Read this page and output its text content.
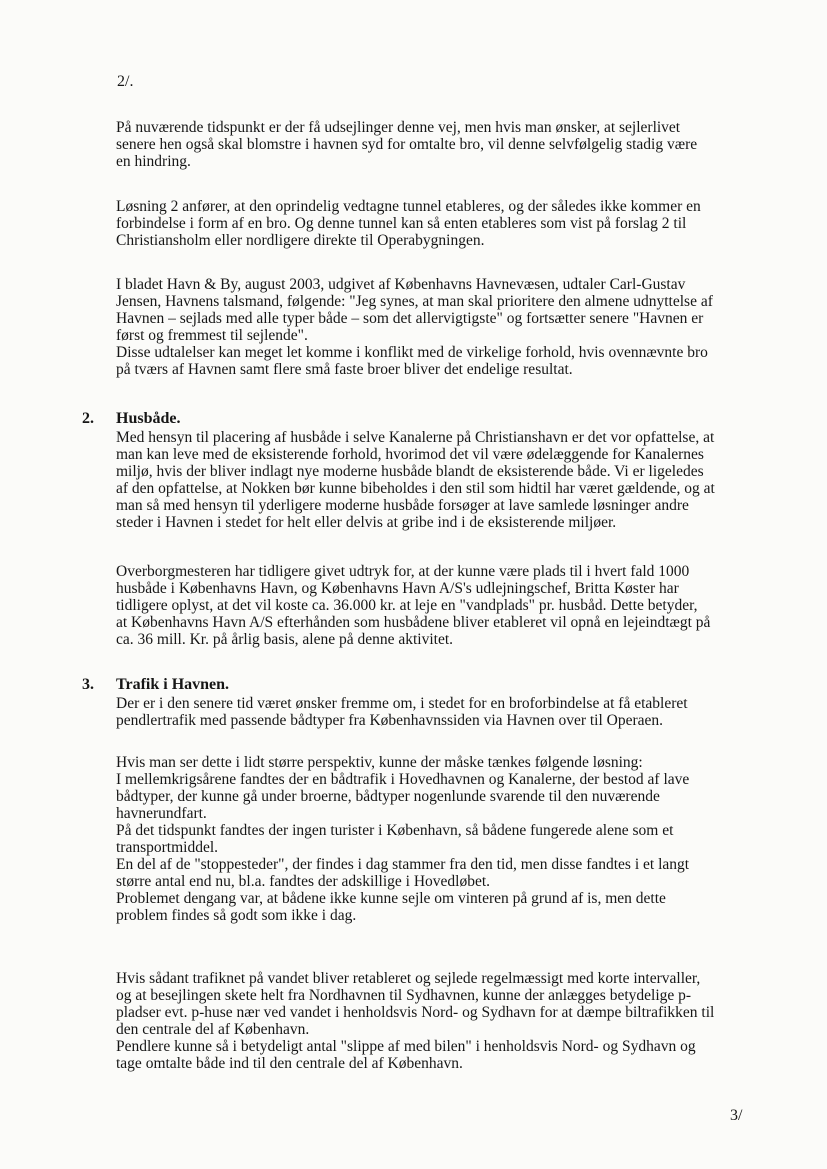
2/.
På nuværende tidspunkt er der få udsejlinger denne vej, men hvis man ønsker, at sejlerlivet
senere hen også skal blomstre i havnen syd for omtalte bro, vil denne selvfølgelig stadig være
en hindring.
Løsning 2 anfører, at den oprindelig vedtagne tunnel etableres, og der således ikke kommer en
forbindelse i form af en bro. Og denne tunnel kan så enten etableres som vist på forslag 2 til
Christiansholm eller nordligere direkte til Operabygningen.
I bladet Havn & By, august 2003, udgivet af Københavns Havnevæsen, udtaler Carl-Gustav
Jensen, Havnens talsmand, følgende: "Jeg synes, at man skal prioritere den almene udnyttelse af
Havnen – sejlads med alle typer både – som det allervigtigste" og fortsætter senere "Havnen er
først og fremmest til sejlende".
Disse udtalelser kan meget let komme i konflikt med de virkelige forhold, hvis ovennævnte bro
på tværs af Havnen samt flere små faste broer bliver det endelige resultat.
2. Husbåde.
Med hensyn til placering af husbåde i selve Kanalerne på Christianshavn er det vor opfattelse, at
man kan leve med de eksisterende forhold, hvorimod det vil være ødelæggende for Kanalernes
miljø, hvis der bliver indlagt nye moderne husbåde blandt de eksisterende både. Vi er ligeledes
af den opfattelse, at Nokken bør kunne bibeholdes i den stil som hidtil har været gældende, og at
man så med hensyn til yderligere moderne husbåde forsøger at lave samlede løsninger andre
steder i Havnen i stedet for helt eller delvis at gribe ind i de eksisterende miljøer.
Overborgmesteren har tidligere givet udtryk for, at der kunne være plads til i hvert fald 1000
husbåde i Københavns Havn, og Københavns Havn A/S's udlejningschef, Britta Køster har
tidligere oplyst, at det vil koste ca. 36.000 kr. at leje en "vandplads" pr. husbåd. Dette betyder,
at Københavns Havn A/S efterhånden som husbådene bliver etableret vil opnå en lejeindtægt på
ca. 36 mill. Kr. på årlig basis, alene på denne aktivitet.
3. Trafik i Havnen.
Der er i den senere tid været ønsker fremme om, i stedet for en broforbindelse at få etableret
pendlertrafik med passende bådtyper fra Københavnssiden via Havnen over til Operaen.
Hvis man ser dette i lidt større perspektiv, kunne der måske tænkes følgende løsning:
I mellemkrigsårene fandtes der en bådtrafik i Hovedhavnen og Kanalerne, der bestod af lave
bådtyper, der kunne gå under broerne, bådtyper nogenlunde svarende til den nuværende
havnerundfart.
På det tidspunkt fandtes der ingen turister i København, så bådene fungerede alene som et
transportmiddel.
En del af de "stoppesteder", der findes i dag stammer fra den tid, men disse fandtes i et langt
større antal end nu, bl.a. fandtes der adskillige i Hovedløbet.
Problemet dengang var, at bådene ikke kunne sejle om vinteren på grund af is, men dette
problem findes så godt som ikke i dag.
Hvis sådant trafiknet på vandet bliver retableret og sejlede regelmæssigt med korte intervaller,
og at besejlingen skete helt fra Nordhavnen til Sydhavnen, kunne der anlægges betydelige p-
pladser evt. p-huse nær ved vandet i henholdsvis Nord- og Sydhavn for at dæmpe biltrafikken til
den centrale del af København.
Pendlere kunne så i betydeligt antal "slippe af med bilen" i henholdsvis Nord- og Sydhavn og
tage omtalte både ind til den centrale del af København.
3/
